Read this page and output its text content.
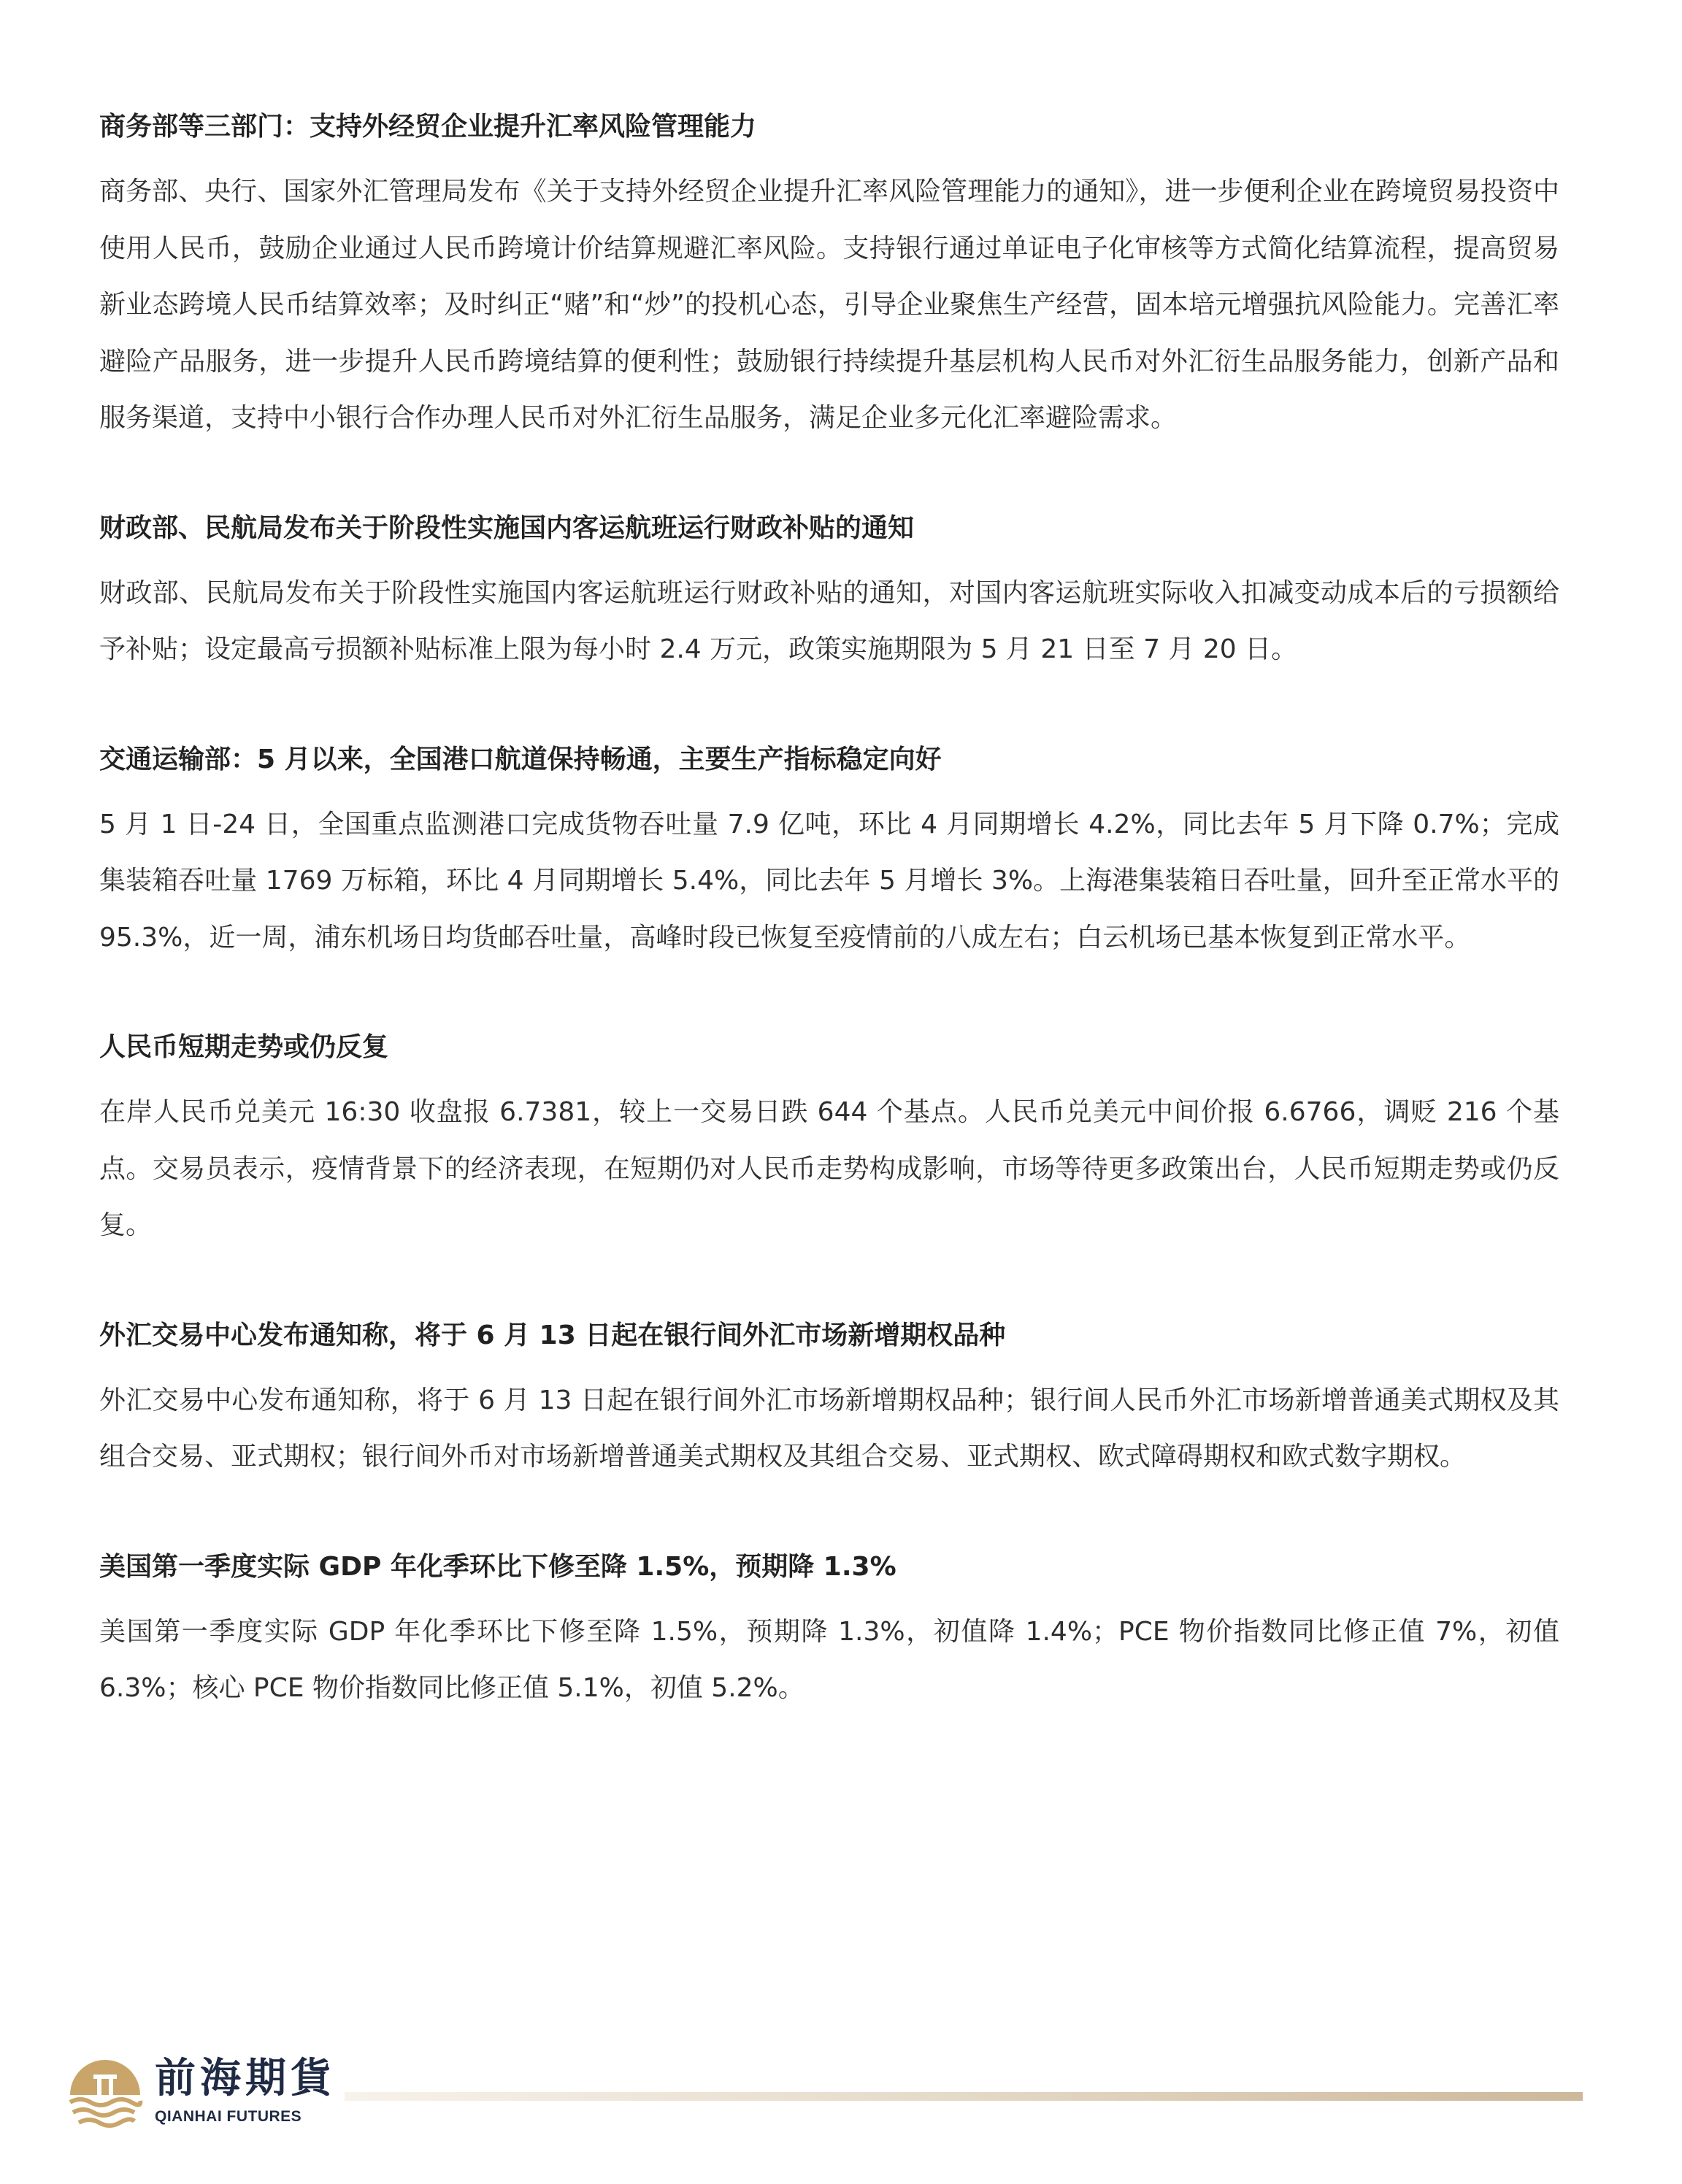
商务部等三部门：支持外经贸企业提升汇率风险管理能力

商务部、央行、国家外汇管理局发布《关于支持外经贸企业提升汇率风险管理能力的通知》，进一步便利企业在跨境贸易投资中使用人民币，鼓励企业通过人民币跨境计价结算规避汇率风险。支持银行通过单证电子化审核等方式简化结算流程，提高贸易新业态跨境人民币结算效率；及时纠正“赌”和“炒”的投机心态，引导企业聚焦生产经营，固本培元增强抗风险能力。完善汇率避险产品服务，进一步提升人民币跨境结算的便利性；鼓励银行持续提升基层机构人民币对外汇衍生品服务能力，创新产品和服务渠道，支持中小银行合作办理人民币对外汇衍生品服务，满足企业多元化汇率避险需求。

财政部、民航局发布关于阶段性实施国内客运航班运行财政补贴的通知

财政部、民航局发布关于阶段性实施国内客运航班运行财政补贴的通知，对国内客运航班实际收入扣减变动成本后的亏损额给予补贴；设定最高亏损额补贴标准上限为每小时 2.4 万元，政策实施期限为 5 月 21 日至 7 月 20 日。

交通运输部：5 月以来，全国港口航道保持畅通，主要生产指标稳定向好

5 月 1 日-24 日，全国重点监测港口完成货物吞吐量 7.9 亿吨，环比 4 月同期增长 4.2%，同比去年 5 月下降 0.7%；完成集装箱吞吐量 1769 万标箱，环比 4 月同期增长 5.4%，同比去年 5 月增长 3%。上海港集装箱日吞吐量，回升至正常水平的 95.3%，近一周，浦东机场日均货邮吞吐量，高峰时段已恢复至疫情前的八成左右；白云机场已基本恢复到正常水平。

人民币短期走势或仍反复

在岸人民币兑美元 16:30 收盘报 6.7381，较上一交易日跌 644 个基点。人民币兑美元中间价报 6.6766，调贬 216 个基点。交易员表示，疫情背景下的经济表现，在短期仍对人民币走势构成影响，市场等待更多政策出台，人民币短期走势或仍反复。

外汇交易中心发布通知称，将于 6 月 13 日起在银行间外汇市场新增期权品种

外汇交易中心发布通知称，将于 6 月 13 日起在银行间外汇市场新增期权品种；银行间人民币外汇市场新增普通美式期权及其组合交易、亚式期权；银行间外币对市场新增普通美式期权及其组合交易、亚式期权、欧式障碍期权和欧式数字期权。

美国第一季度实际 GDP 年化季环比下修至降 1.5%，预期降 1.3%

美国第一季度实际 GDP 年化季环比下修至降 1.5%，预期降 1.3%，初值降 1.4%；PCE 物价指数同比修正值 7%，初值 6.3%；核心 PCE 物价指数同比修正值 5.1%，初值 5.2%。

前海期貨
QIANHAI FUTURES
